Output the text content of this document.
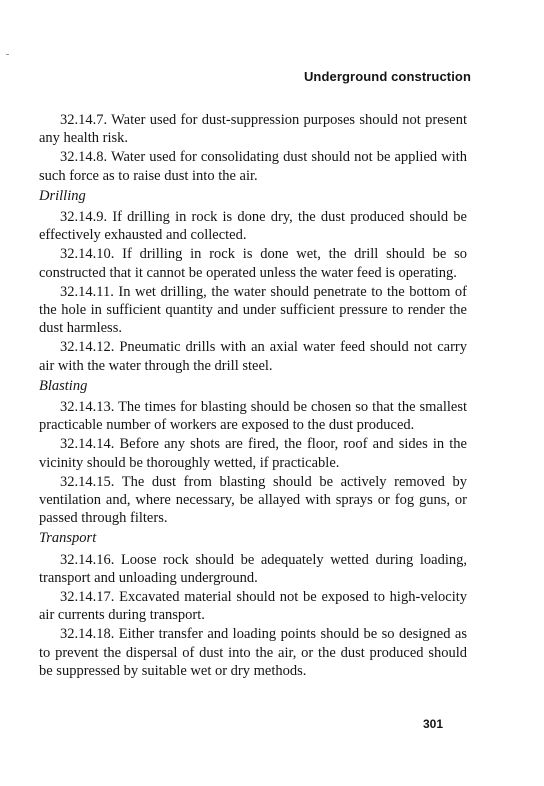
Underground construction

32.14.7. Water used for dust-suppression purposes should not present any health risk.

32.14.8. Water used for consolidating dust should not be applied with such force as to raise dust into the air.

Drilling

32.14.9. If drilling in rock is done dry, the dust produced should be effectively exhausted and collected.

32.14.10. If drilling in rock is done wet, the drill should be so constructed that it cannot be operated unless the water feed is operating.

32.14.11. In wet drilling, the water should penetrate to the bottom of the hole in sufficient quantity and under sufficient pressure to render the dust harmless.

32.14.12. Pneumatic drills with an axial water feed should not carry air with the water through the drill steel.

Blasting

32.14.13. The times for blasting should be chosen so that the smallest practicable number of workers are exposed to the dust produced.

32.14.14. Before any shots are fired, the floor, roof and sides in the vicinity should be thoroughly wetted, if practicable.

32.14.15. The dust from blasting should be actively removed by ventilation and, where necessary, be allayed with sprays or fog guns, or passed through filters.

Transport

32.14.16. Loose rock should be adequately wetted during loading, transport and unloading underground.

32.14.17. Excavated material should not be exposed to high-velocity air currents during transport.

32.14.18. Either transfer and loading points should be so designed as to prevent the dispersal of dust into the air, or the dust produced should be suppressed by suitable wet or dry methods.

301
